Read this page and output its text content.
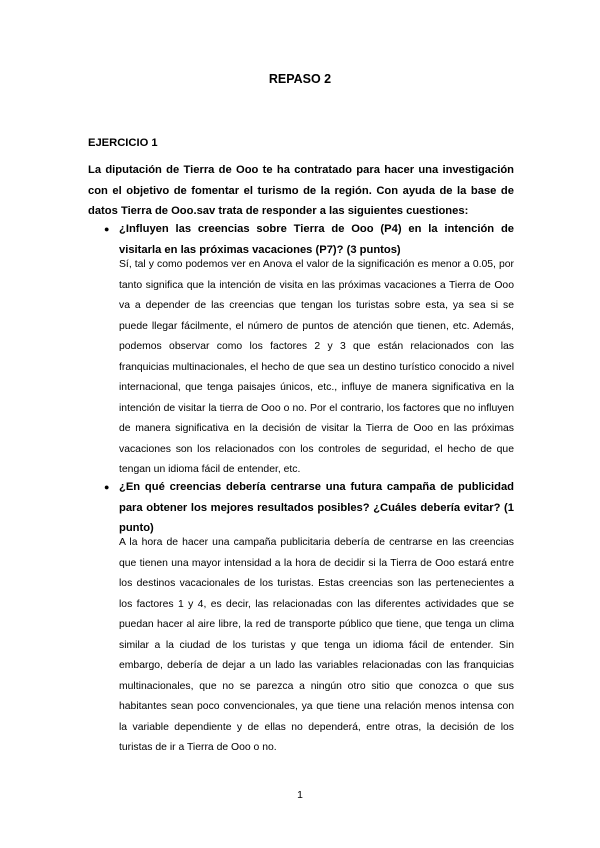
REPASO 2

EJERCICIO 1

La diputación de Tierra de Ooo te ha contratado para hacer una investigación con el objetivo de fomentar el turismo de la región. Con ayuda de la base de datos Tierra de Ooo.sav trata de responder a las siguientes cuestiones:

● ¿Influyen las creencias sobre Tierra de Ooo (P4) en la intención de visitarla en las próximas vacaciones (P7)? (3 puntos)

Sí, tal y como podemos ver en Anova el valor de la significación es menor a 0.05, por tanto significa que la intención de visita en las próximas vacaciones a Tierra de Ooo va a depender de las creencias que tengan los turistas sobre esta, ya sea si se puede llegar fácilmente, el número de puntos de atención que tienen, etc. Además, podemos observar como los factores 2 y 3 que están relacionados con las franquicias multinacionales, el hecho de que sea un destino turístico conocido a nivel internacional, que tenga paisajes únicos, etc., influye de manera significativa en la intención de visitar la tierra de Ooo o no. Por el contrario, los factores que no influyen de manera significativa en la decisión de visitar la Tierra de Ooo en las próximas vacaciones son los relacionados con los controles de seguridad, el hecho de que tengan un idioma fácil de entender, etc.

● ¿En qué creencias debería centrarse una futura campaña de publicidad para obtener los mejores resultados posibles? ¿Cuáles debería evitar? (1 punto)

A la hora de hacer una campaña publicitaria debería de centrarse en las creencias que tienen una mayor intensidad a la hora de decidir si la Tierra de Ooo estará entre los destinos vacacionales de los turistas. Estas creencias son las pertenecientes a los factores 1 y 4, es decir, las relacionadas con las diferentes actividades que se puedan hacer al aire libre, la red de transporte público que tiene, que tenga un clima similar a la ciudad de los turistas y que tenga un idioma fácil de entender. Sin embargo, debería de dejar a un lado las variables relacionadas con las franquicias multinacionales, que no se parezca a ningún otro sitio que conozca o que sus habitantes sean poco convencionales, ya que tiene una relación menos intensa con la variable dependiente y de ellas no dependerá, entre otras, la decisión de los turistas de ir a Tierra de Ooo o no.

1
